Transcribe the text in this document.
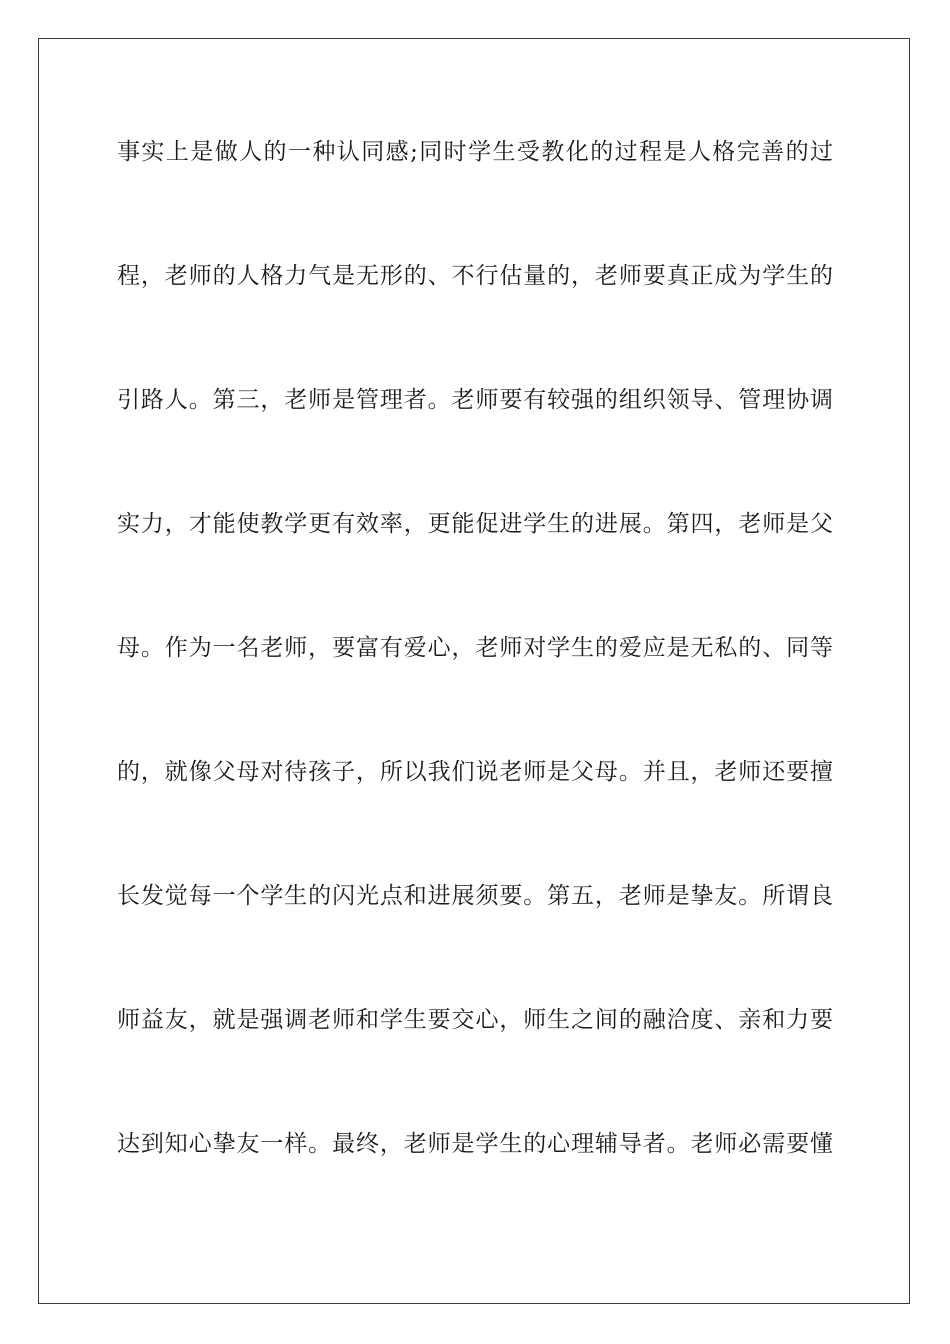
事实上是做人的一种认同感;同时学生受教化的过程是人格完善的过
程，老师的人格力气是无形的、不行估量的，老师要真正成为学生的
引路人。第三，老师是管理者。老师要有较强的组织领导、管理协调
实力，才能使教学更有效率，更能促进学生的进展。第四，老师是父
母。作为一名老师，要富有爱心，老师对学生的爱应是无私的、同等
的，就像父母对待孩子，所以我们说老师是父母。并且，老师还要擅
长发觉每一个学生的闪光点和进展须要。第五，老师是挚友。所谓良
师益友，就是强调老师和学生要交心，师生之间的融洽度、亲和力要
达到知心挚友一样。最终，老师是学生的心理辅导者。老师必需要懂
